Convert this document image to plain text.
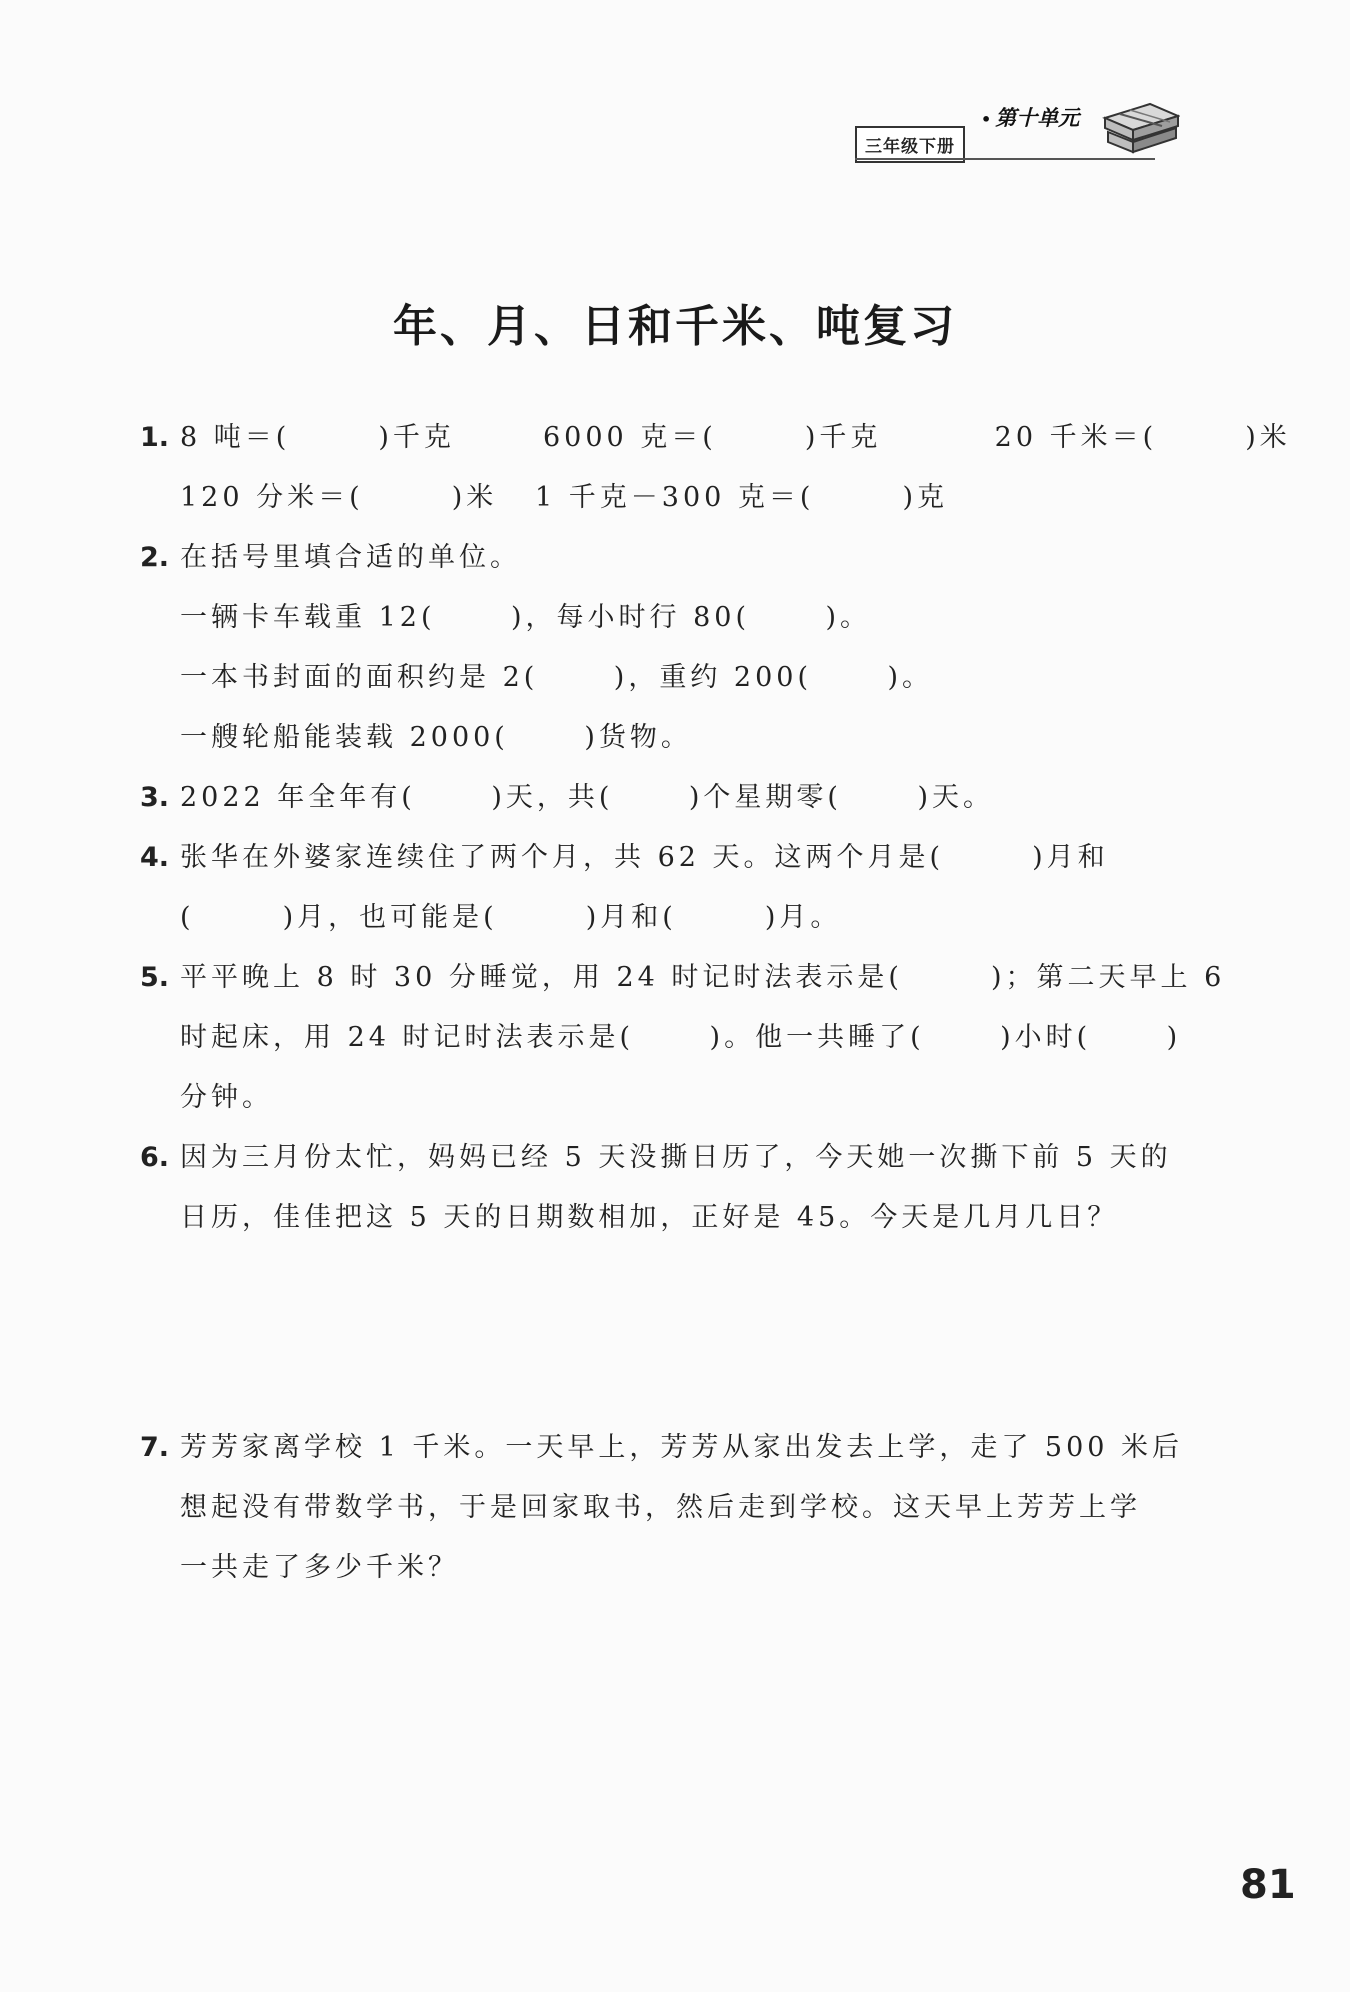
三年级下册
• 第十单元
年、月、日和千米、吨复习
1. 8 吨＝(       )千克       6000 克＝(       )千克         20 千米＝(       )米
120 分米＝(       )米   1 千克－300 克＝(       )克
2. 在括号里填合适的单位。
一辆卡车载重 12(      )，每小时行 80(      )。
一本书封面的面积约是 2(      )，重约 200(      )。
一艘轮船能装载 2000(      )货物。
3. 2022 年全年有(      )天，共(      )个星期零(      )天。
4. 张华在外婆家连续住了两个月，共 62 天。这两个月是(       )月和
(       )月，也可能是(       )月和(       )月。
5. 平平晚上 8 时 30 分睡觉，用 24 时记时法表示是(       )；第二天早上 6
时起床，用 24 时记时法表示是(      )。他一共睡了(      )小时(      )
分钟。
6. 因为三月份太忙，妈妈已经 5 天没撕日历了，今天她一次撕下前 5 天的
日历，佳佳把这 5 天的日期数相加，正好是 45。今天是几月几日？
7. 芳芳家离学校 1 千米。一天早上，芳芳从家出发去上学，走了 500 米后
想起没有带数学书，于是回家取书，然后走到学校。这天早上芳芳上学
一共走了多少千米？
81
